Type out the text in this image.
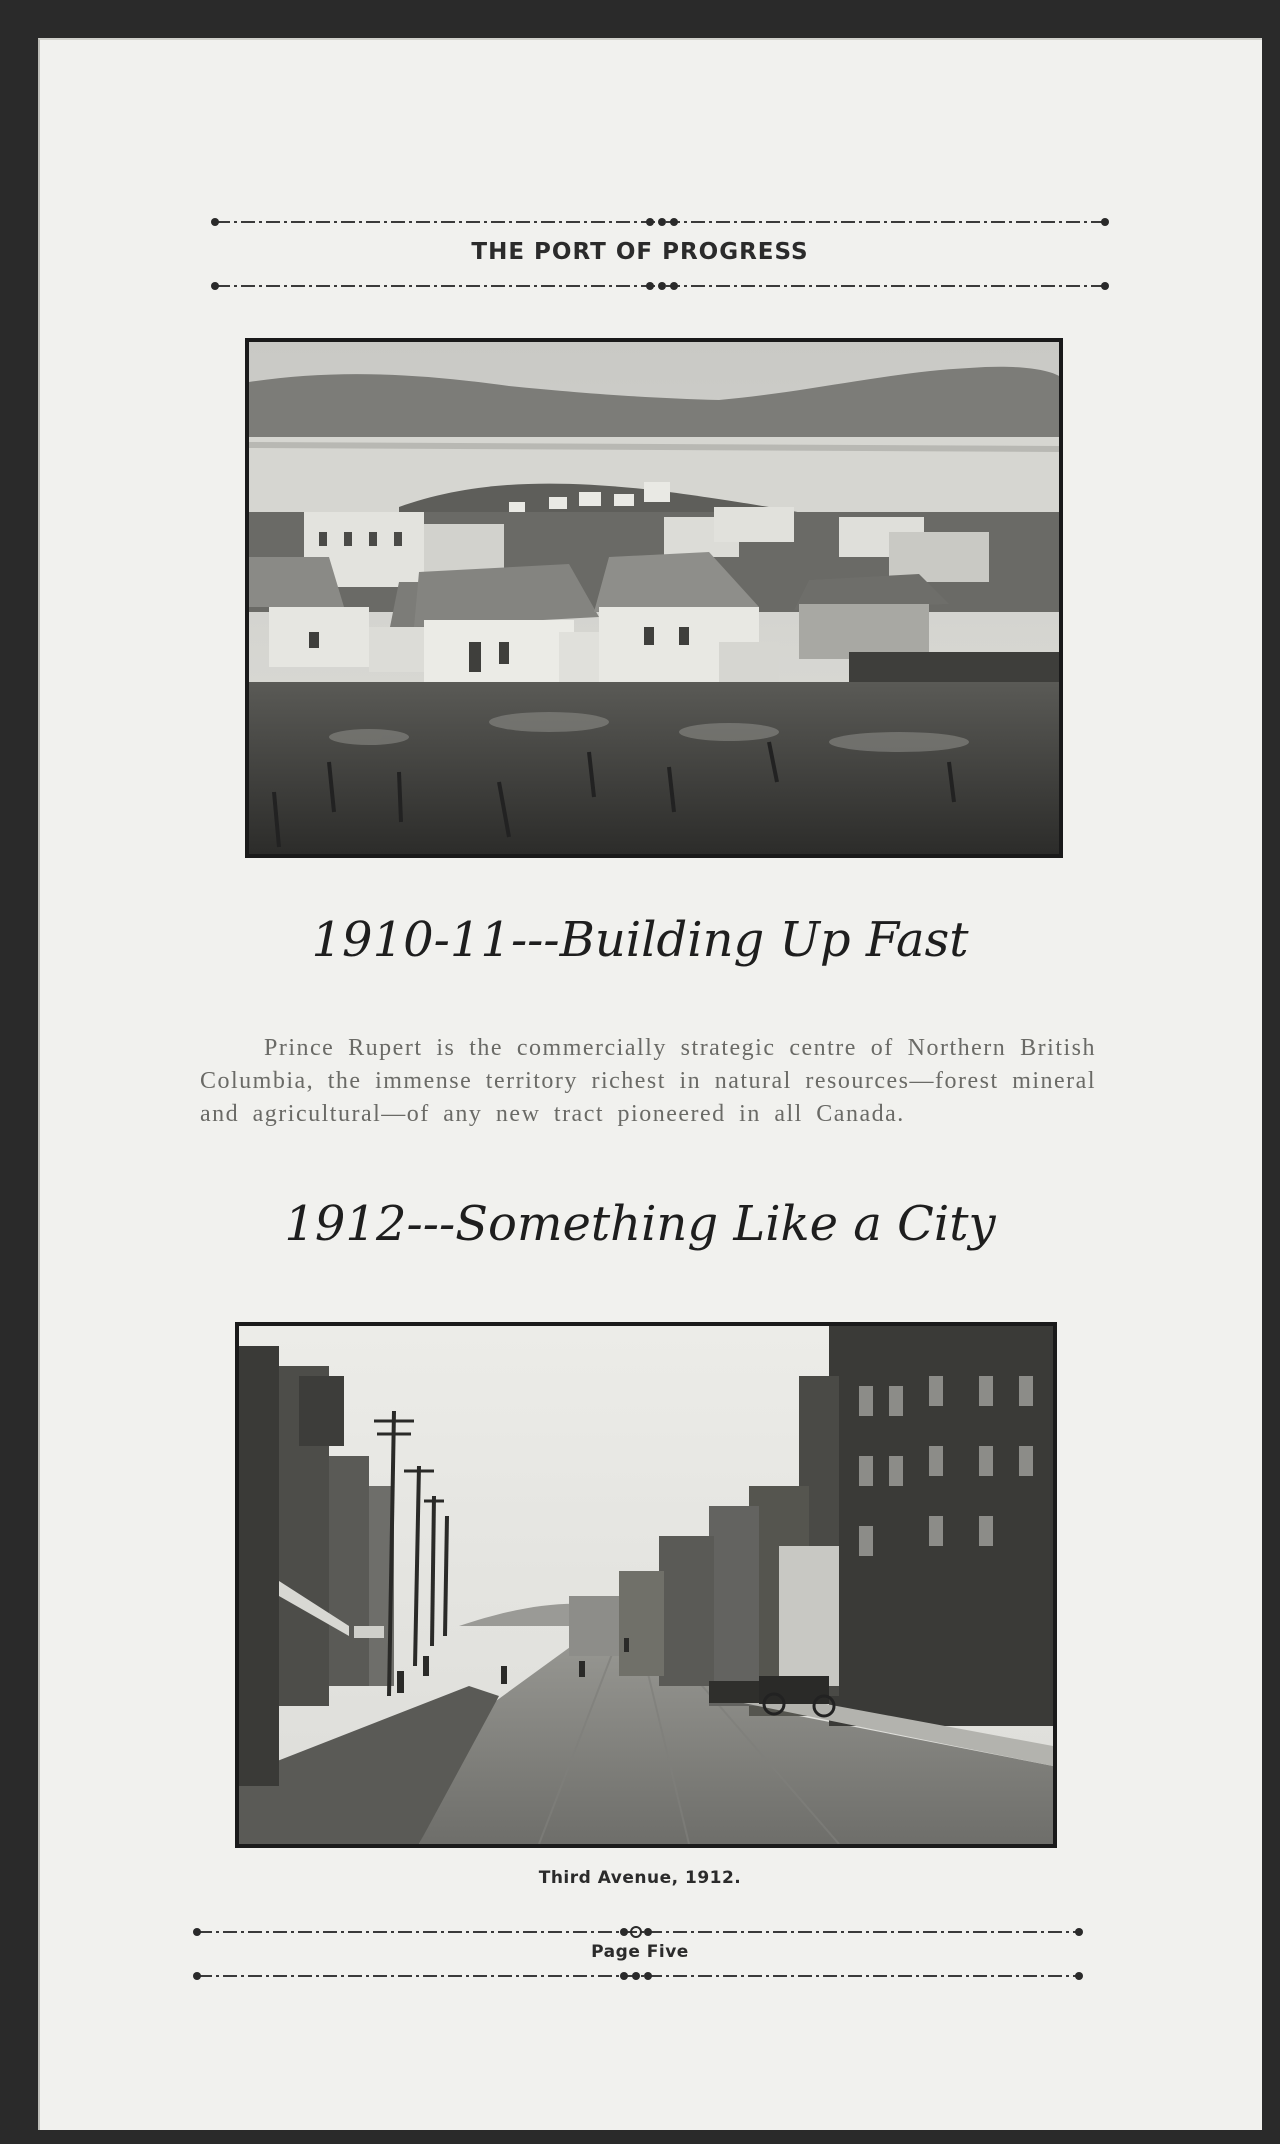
THE PORT OF PROGRESS
1910-11---Building Up Fast

Prince Rupert is the commercially strategic centre of Northern British Columbia, the immense territory richest in natural resources—forest mineral and agricultural—of any new tract pioneered in all Canada.

1912---Something Like a City
Third Avenue, 1912.
Page Five
